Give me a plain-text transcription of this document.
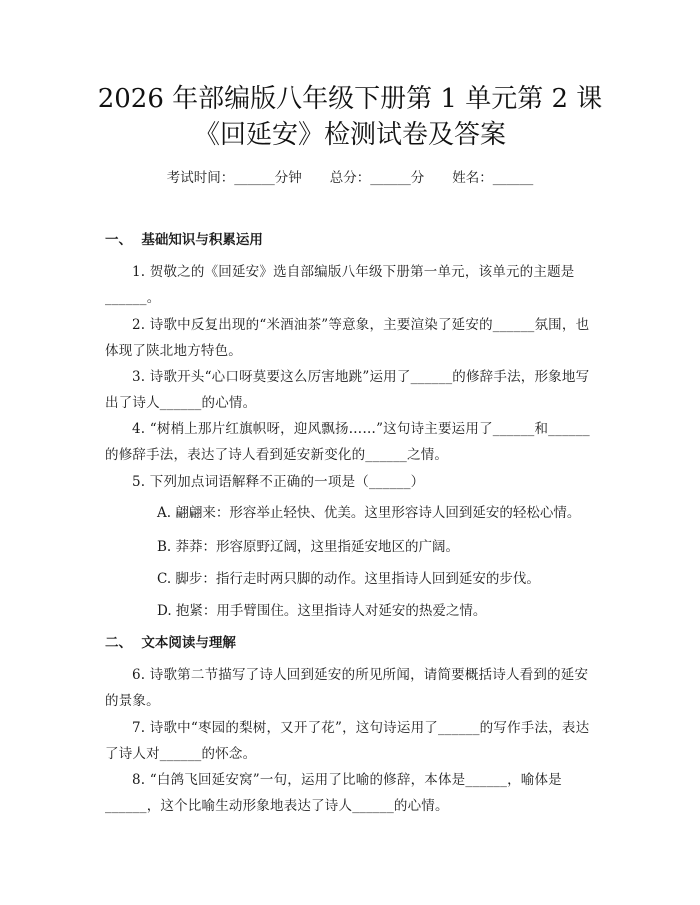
2026 年部编版八年级下册第 1 单元第 2 课
《回延安》检测试卷及答案
考试时间：______分钟 总分：______分 姓名：______
一、  基础知识与积累运用
1. 贺敬之的《回延安》选自部编版八年级下册第一单元，该单元的主题是______。
2. 诗歌中反复出现的“米酒油茶”等意象，主要渲染了延安的______氛围，也体现了陕北地方特色。
3. 诗歌开头“心口呀莫要这么厉害地跳”运用了______的修辞手法，形象地写出了诗人______的心情。
4. “树梢上那片红旗帜呀，迎风飘扬……”这句诗主要运用了______和______的修辞手法，表达了诗人看到延安新变化的______之情。
5. 下列加点词语解释不正确的一项是（______）
A. 翩翩来：形容举止轻快、优美。这里形容诗人回到延安的轻松心情。
B. 莽莽：形容原野辽阔，这里指延安地区的广阔。
C. 脚步：指行走时两只脚的动作。这里指诗人回到延安的步伐。
D. 抱紧：用手臂围住。这里指诗人对延安的热爱之情。
二、  文本阅读与理解
6. 诗歌第二节描写了诗人回到延安的所见所闻，请简要概括诗人看到的延安的景象。
7. 诗歌中“枣园的梨树，又开了花”，这句诗运用了______的写作手法，表达了诗人对______的怀念。
8. “白鸽飞回延安窝”一句，运用了比喻的修辞，本体是______，喻体是______，这个比喻生动形象地表达了诗人______的心情。
